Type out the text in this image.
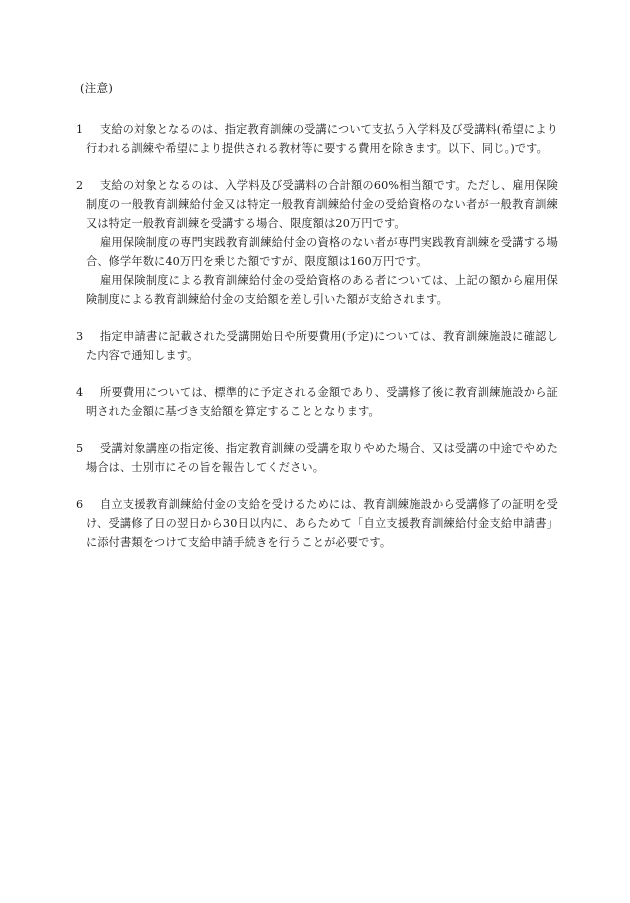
(注意)
1	支給の対象となるのは、指定教育訓練の受講について支払う入学料及び受講料(希望により行われる訓練や希望により提供される教材等に要する費用を除きます。以下、同じ。)です。
2	支給の対象となるのは、入学料及び受講料の合計額の60%相当額です。ただし、雇用保険制度の一般教育訓練給付金又は特定一般教育訓練給付金の受給資格のない者が一般教育訓練又は特定一般教育訓練を受講する場合、限度額は20万円です。
雇用保険制度の専門実践教育訓練給付金の資格のない者が専門実践教育訓練を受講する場合、修学年数に40万円を乗じた額ですが、限度額は160万円です。
雇用保険制度による教育訓練給付金の受給資格のある者については、上記の額から雇用保険制度による教育訓練給付金の支給額を差し引いた額が支給されます。
3	指定申請書に記載された受講開始日や所要費用(予定)については、教育訓練施設に確認した内容で通知します。
4	所要費用については、標準的に予定される金額であり、受講修了後に教育訓練施設から証明された金額に基づき支給額を算定することとなります。
5	受講対象講座の指定後、指定教育訓練の受講を取りやめた場合、又は受講の中途でやめた場合は、士別市にその旨を報告してください。
6	自立支援教育訓練給付金の支給を受けるためには、教育訓練施設から受講修了の証明を受け、受講修了日の翌日から30日以内に、あらためて「自立支援教育訓練給付金支給申請書」に添付書類をつけて支給申請手続きを行うことが必要です。
